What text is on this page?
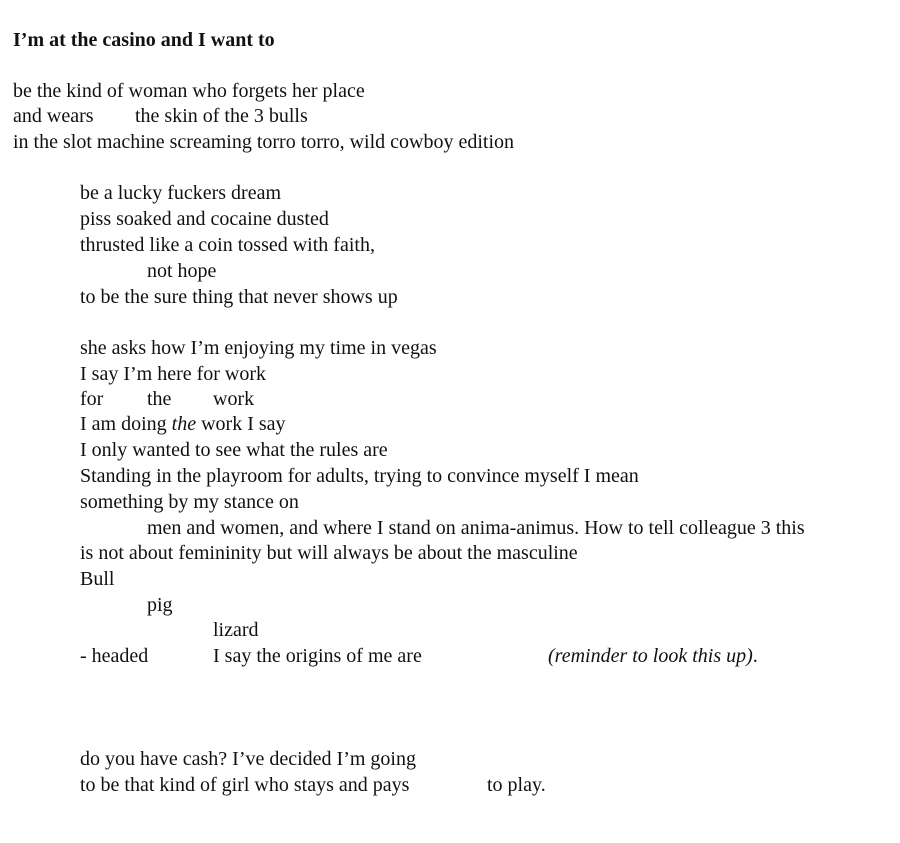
I’m at the casino and I want to
be the kind of woman who forgets her place
and wears the skin of the 3 bulls
in the slot machine screaming torro torro, wild cowboy edition
be a lucky fuckers dream
piss soaked and cocaine dusted
thrusted like a coin tossed with faith,
not hope
to be the sure thing that never shows up
she asks how I’m enjoying my time in vegas
I say I’m here for work
for the work
I am doing the work I say
I only wanted to see what the rules are
Standing in the playroom for adults, trying to convince myself I mean
something by my stance on
men and women, and where I stand on anima-animus. How to tell colleague 3 this
is not about femininity but will always be about the masculine
Bull
pig
lizard
- headed	I say the origins of me are	(reminder to look this up).
do you have cash? I’ve decided I’m going
to be that kind of girl who stays and pays	to play.
